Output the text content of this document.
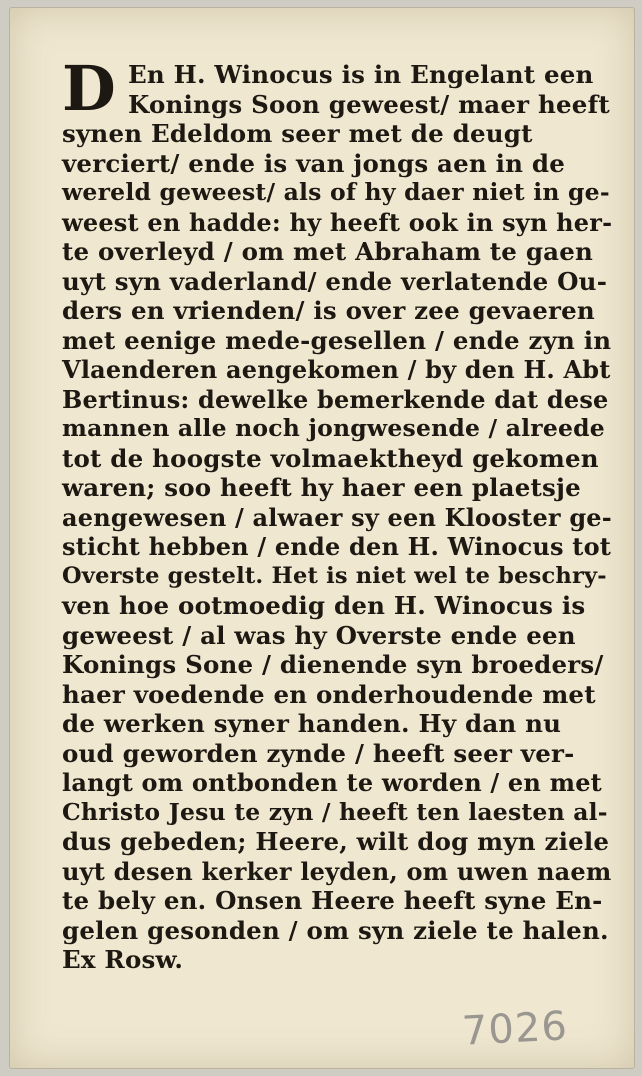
D En H. Winocus is in Engelant een
Konings Soon geweest/ maer heeft
synen Edeldom seer met de deugt
verciert/ ende is van jongs aen in de
wereld geweest/ als of hy daer niet in ge-
weest en hadde: hy heeft ook in syn her-
te overleyd / om met Abraham te gaen
uyt syn vaderland/ ende verlatende Ou-
ders en vrienden/ is over zee gevaeren
met eenige mede-gesellen / ende zyn in
Vlaenderen aengekomen / by den H. Abt
Bertinus: dewelke bemerkende dat dese
mannen alle noch jongwesende / alreede
tot de hoogste volmaektheyd gekomen
waren; soo heeft hy haer een plaetsje
aengewesen / alwaer sy een Klooster ge-
sticht hebben / ende den H. Winocus tot
Overste gestelt. Het is niet wel te beschry-
ven hoe ootmoedig den H. Winocus is
geweest / al was hy Overste ende een
Konings Sone / dienende syn broeders/
haer voedende en onderhoudende met
de werken syner handen. Hy dan nu
oud geworden zynde / heeft seer ver-
langt om ontbonden te worden / en met
Christo Jesu te zyn / heeft ten laesten al-
dus gebeden; Heere, wilt dog myn ziele
uyt desen kerker leyden, om uwen naem
te bely en. Onsen Heere heeft syne En-
gelen gesonden / om syn ziele te halen.
Ex Rosw.
7026
